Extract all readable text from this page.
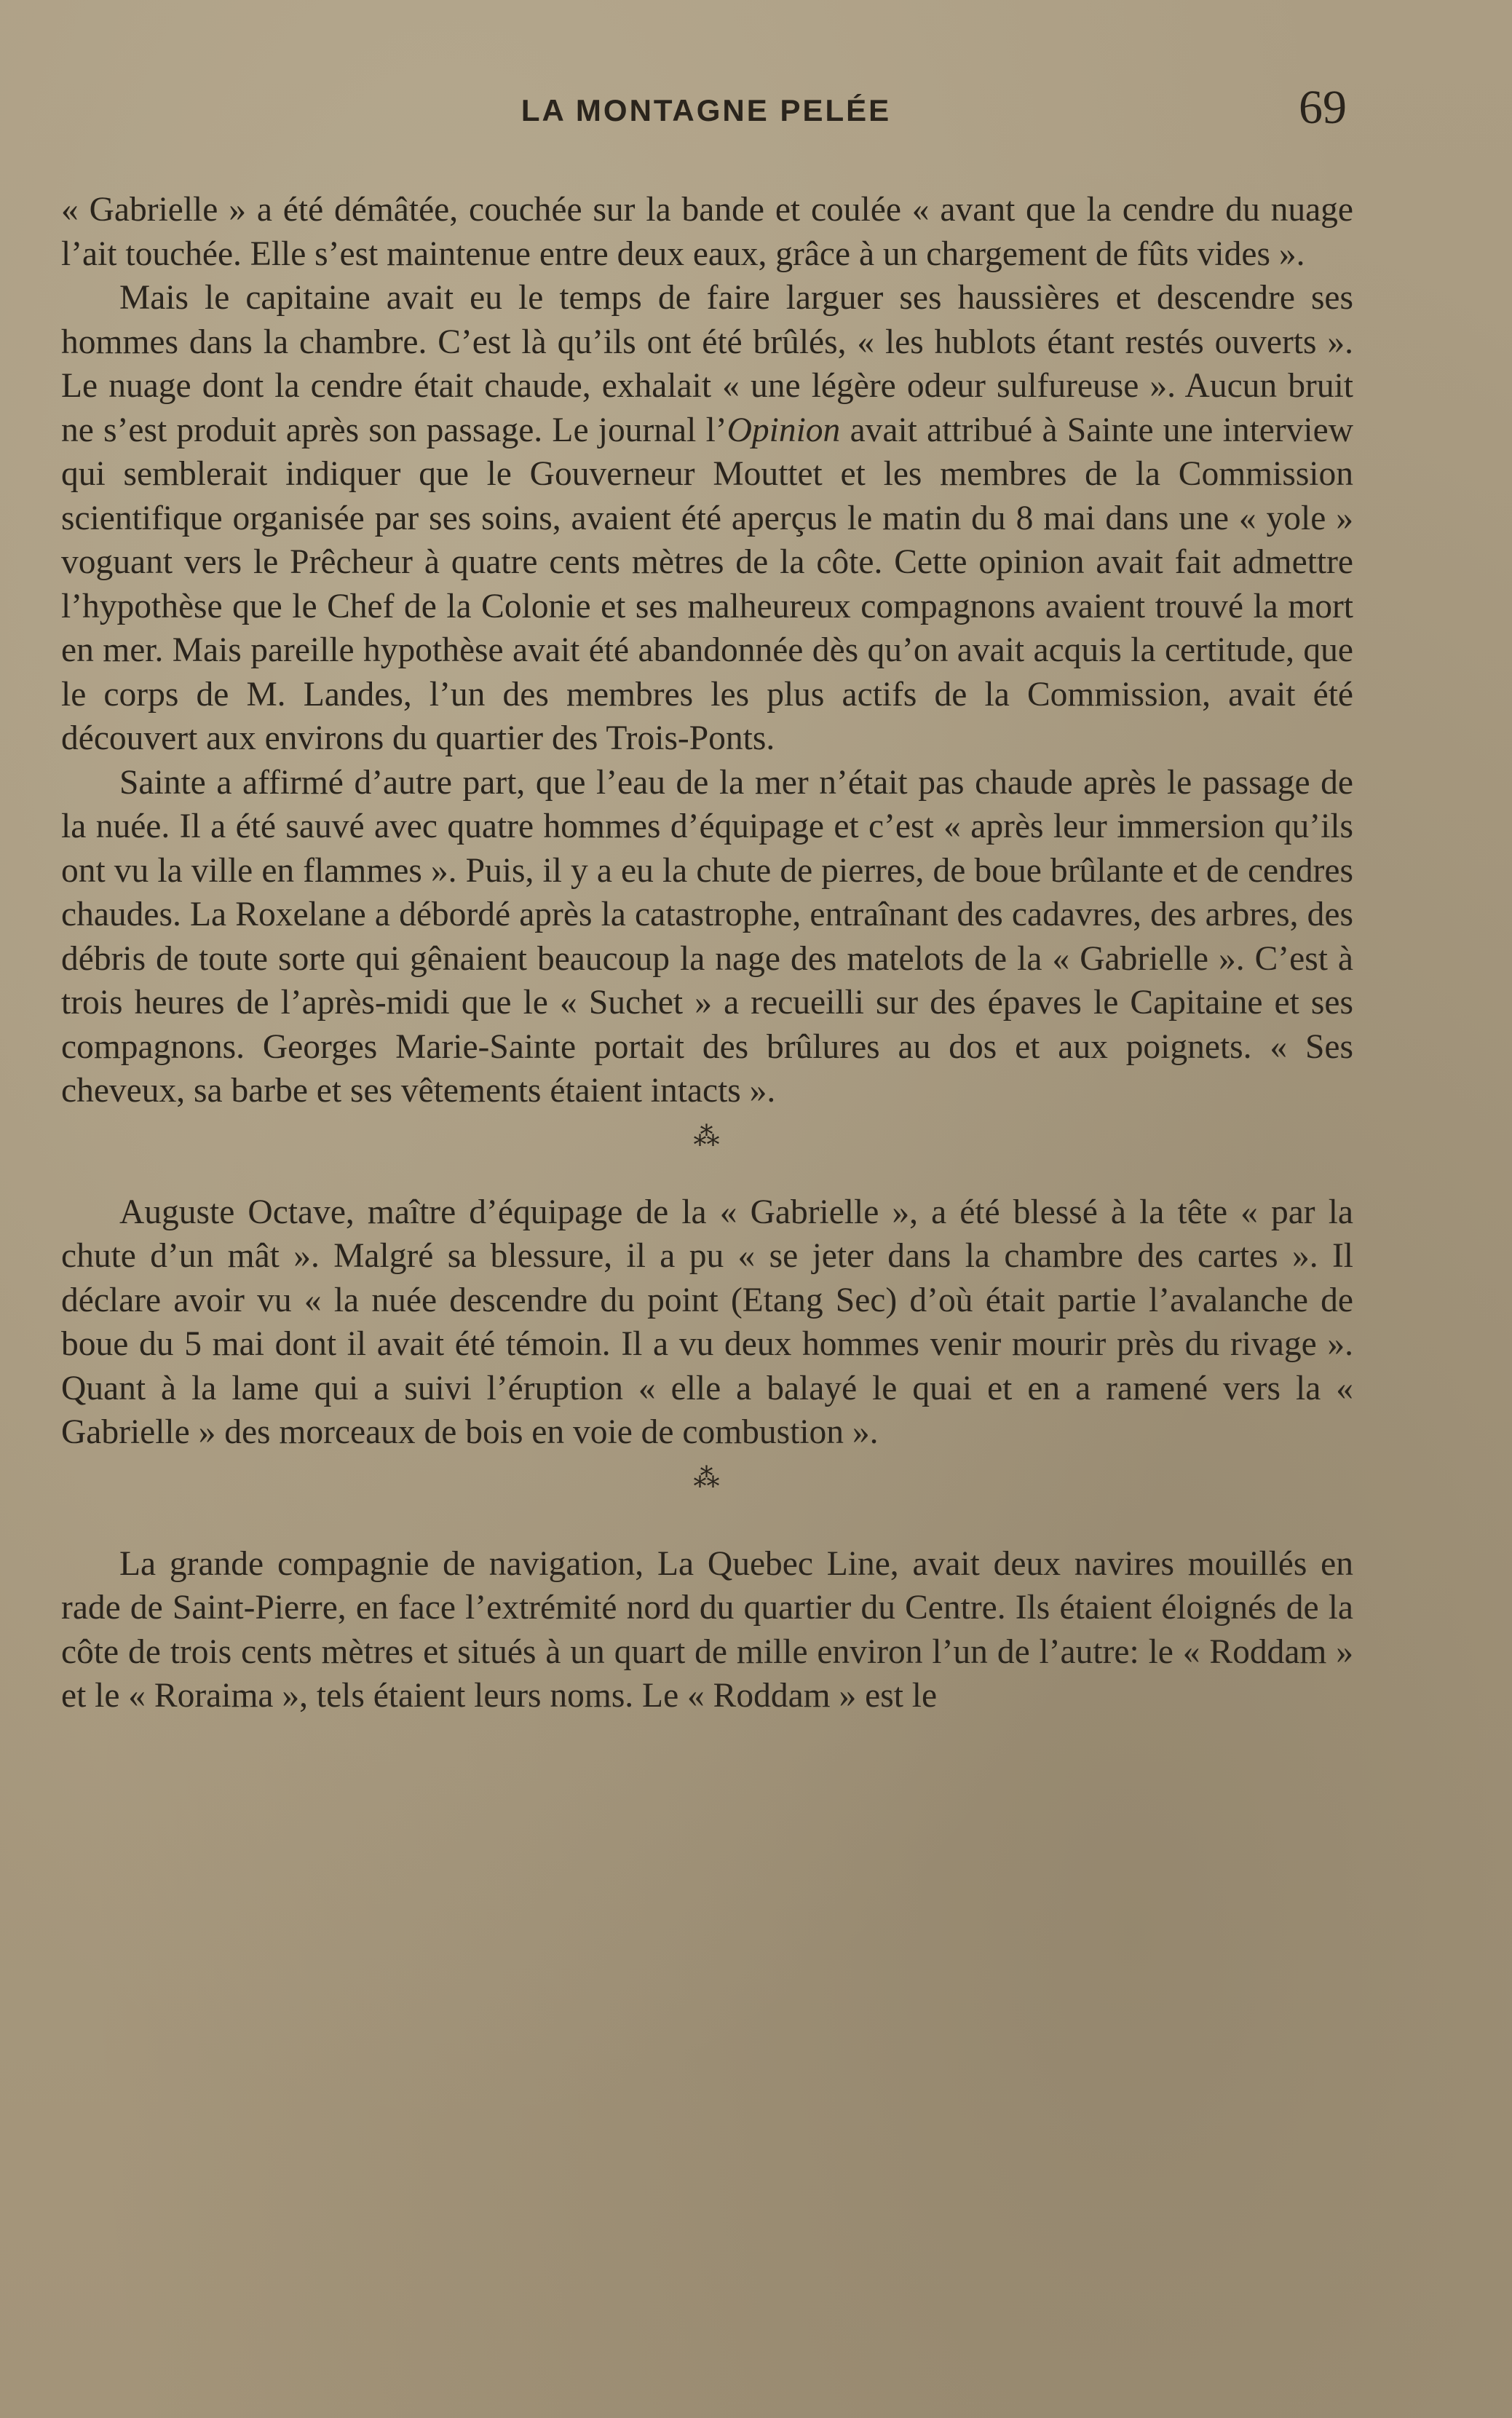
LA MONTAGNE PELÉE	69

« Gabrielle » a été démâtée, couchée sur la bande et coulée « avant que la cendre du nuage l’ait touchée. Elle s’est maintenue entre deux eaux, grâce à un chargement de fûts vides ».

Mais le capitaine avait eu le temps de faire larguer ses haussières et descendre ses hommes dans la chambre. C’est là qu’ils ont été brûlés, « les hublots étant restés ouverts ». Le nuage dont la cendre était chaude, exhalait « une légère odeur sulfureuse ». Aucun bruit ne s’est produit après son passage. Le journal l’Opinion avait attribué à Sainte une interview qui semblerait indiquer que le Gouverneur Mouttet et les membres de la Commission scientifique organisée par ses soins, avaient été aperçus le matin du 8 mai dans une « yole » voguant vers le Prêcheur à quatre cents mètres de la côte. Cette opinion avait fait admettre l’hypothèse que le Chef de la Colonie et ses malheureux compagnons avaient trouvé la mort en mer. Mais pareille hypothèse avait été abandonnée dès qu’on avait acquis la certitude, que le corps de M. Landes, l’un des membres les plus actifs de la Commission, avait été découvert aux environs du quartier des Trois-Ponts.

Sainte a affirmé d’autre part, que l’eau de la mer n’était pas chaude après le passage de la nuée. Il a été sauvé avec quatre hommes d’équipage et c’est « après leur immersion qu’ils ont vu la ville en flammes ». Puis, il y a eu la chute de pierres, de boue brûlante et de cendres chaudes. La Roxelane a débordé après la catastrophe, entraînant des cadavres, des arbres, des débris de toute sorte qui gênaient beaucoup la nage des matelots de la « Gabrielle ». C’est à trois heures de l’après-midi que le « Suchet » a recueilli sur des épaves le Capitaine et ses compagnons. Georges Marie-Sainte portait des brûlures au dos et aux poignets. « Ses cheveux, sa barbe et ses vêtements étaient intacts ».

⁂

Auguste Octave, maître d’équipage de la « Gabrielle », a été blessé à la tête « par la chute d’un mât ». Malgré sa blessure, il a pu « se jeter dans la chambre des cartes ». Il déclare avoir vu « la nuée descendre du point (Etang Sec) d’où était partie l’avalanche de boue du 5 mai dont il avait été témoin. Il a vu deux hommes venir mourir près du rivage ». Quant à la lame qui a suivi l’éruption « elle a balayé le quai et en a ramené vers la « Gabrielle » des morceaux de bois en voie de combustion ».

⁂

La grande compagnie de navigation, La Quebec Line, avait deux navires mouillés en rade de Saint-Pierre, en face l’extrémité nord du quartier du Centre. Ils étaient éloignés de la côte de trois cents mètres et situés à un quart de mille environ l’un de l’autre: le « Roddam » et le « Roraima », tels étaient leurs noms. Le « Roddam » est le
